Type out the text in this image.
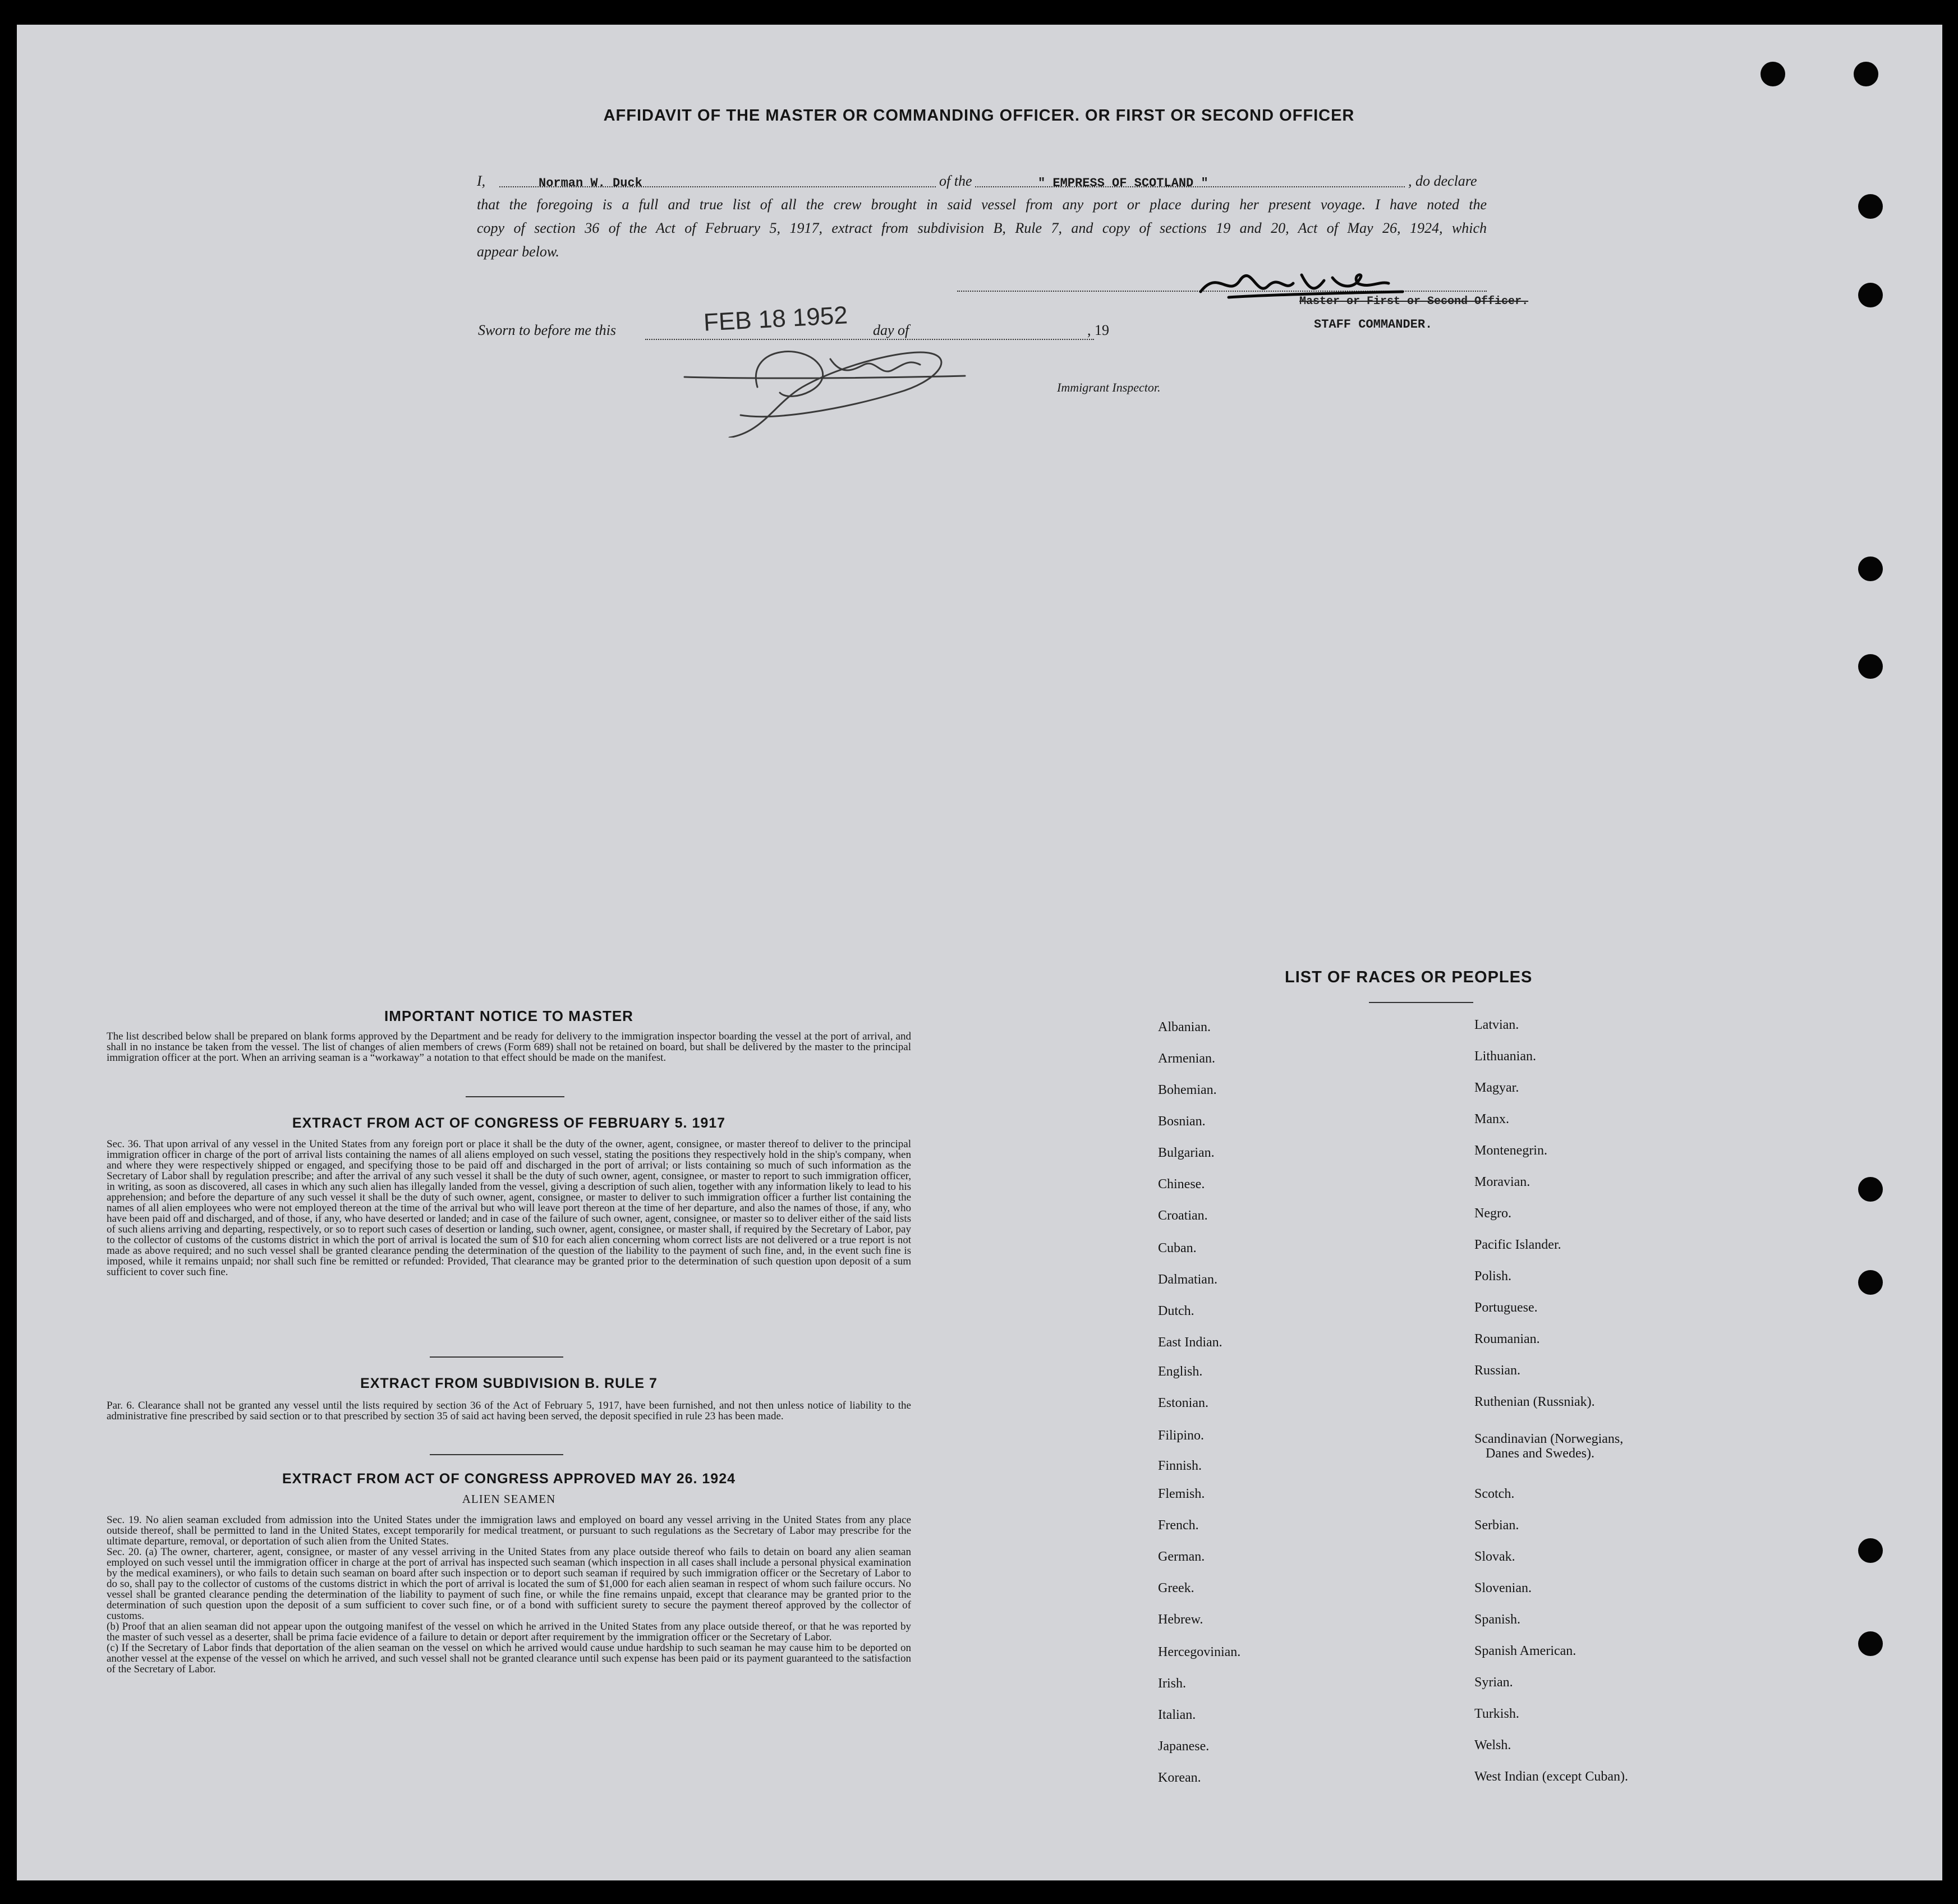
AFFIDAVIT OF THE MASTER OR COMMANDING OFFICER. OR FIRST OR SECOND OFFICER
I,	Norman W. Duck	of the	" EMPRESS OF SCOTLAND "	, do declare
that the foregoing is a full and true list of all the crew brought in said vessel from any port or place during her present voyage. I have noted the
copy of section 36 of the Act of February 5, 1917, extract from subdivision B, Rule 7, and copy of sections 19 and 20, Act of May 26, 1924, which
appear below.
Master or First or Second Officer.
STAFF COMMANDER.
Sworn to before me this	FEB 18 1952 day of	, 19
Immigrant Inspector.
IMPORTANT NOTICE TO MASTER
The list described below shall be prepared on blank forms approved by the Department and be ready for delivery to the immigration inspector boarding the vessel at the port of arrival, and shall in no instance be taken from the vessel. The list of changes of alien members of crews (Form 689) shall not be retained on board, but shall be delivered by the master to the principal immigration officer at the port. When an arriving seaman is a “workaway” a notation to that effect should be made on the manifest.
EXTRACT FROM ACT OF CONGRESS OF FEBRUARY 5. 1917
Sec. 36. That upon arrival of any vessel in the United States from any foreign port or place it shall be the duty of the owner, agent, consignee, or master thereof to deliver to the principal immigration officer in charge of the port of arrival lists containing the names of all aliens employed on such vessel, stating the positions they respectively hold in the ship's company, when and where they were respectively shipped or engaged, and specifying those to be paid off and discharged in the port of arrival; or lists containing so much of such information as the Secretary of Labor shall by regulation prescribe; and after the arrival of any such vessel it shall be the duty of such owner, agent, consignee, or master to report to such immigration officer, in writing, as soon as discovered, all cases in which any such alien has illegally landed from the vessel, giving a description of such alien, together with any information likely to lead to his apprehension; and before the departure of any such vessel it shall be the duty of such owner, agent, consignee, or master to deliver to such immigration officer a further list containing the names of all alien employees who were not employed thereon at the time of the arrival but who will leave port thereon at the time of her departure, and also the names of those, if any, who have been paid off and discharged, and of those, if any, who have deserted or landed; and in case of the failure of such owner, agent, consignee, or master so to deliver either of the said lists of such aliens arriving and departing, respectively, or so to report such cases of desertion or landing, such owner, agent, consignee, or master shall, if required by the Secretary of Labor, pay to the collector of customs of the customs district in which the port of arrival is located the sum of $10 for each alien concerning whom correct lists are not delivered or a true report is not made as above required; and no such vessel shall be granted clearance pending the determination of the question of the liability to the payment of such fine, and, in the event such fine is imposed, while it remains unpaid; nor shall such fine be remitted or refunded: Provided, That clearance may be granted prior to the determination of such question upon deposit of a sum sufficient to cover such fine.
EXTRACT FROM SUBDIVISION B. RULE 7
Par. 6. Clearance shall not be granted any vessel until the lists required by section 36 of the Act of February 5, 1917, have been furnished, and not then unless notice of liability to the administrative fine prescribed by said section or to that prescribed by section 35 of said act having been served, the deposit specified in rule 23 has been made.
EXTRACT FROM ACT OF CONGRESS APPROVED MAY 26. 1924
ALIEN SEAMEN
Sec. 19. No alien seaman excluded from admission into the United States under the immigration laws and employed on board any vessel arriving in the United States from any place outside thereof, shall be permitted to land in the United States, except temporarily for medical treatment, or pursuant to such regulations as the Secretary of Labor may prescribe for the ultimate departure, removal, or deportation of such alien from the United States.
Sec. 20. (a) The owner, charterer, agent, consignee, or master of any vessel arriving in the United States from any place outside thereof who fails to detain on board any alien seaman employed on such vessel until the immigration officer in charge at the port of arrival has inspected such seaman (which inspection in all cases shall include a personal physical examination by the medical examiners), or who fails to detain such seaman on board after such inspection or to deport such seaman if required by such immigration officer or the Secretary of Labor to do so, shall pay to the collector of customs of the customs district in which the port of arrival is located the sum of $1,000 for each alien seaman in respect of whom such failure occurs. No vessel shall be granted clearance pending the determination of the liability to payment of such fine, or while the fine remains unpaid, except that clearance may be granted prior to the determination of such question upon the deposit of a sum sufficient to cover such fine, or of a bond with sufficient surety to secure the payment thereof approved by the collector of customs.
(b) Proof that an alien seaman did not appear upon the outgoing manifest of the vessel on which he arrived in the United States from any place outside thereof, or that he was reported by the master of such vessel as a deserter, shall be prima facie evidence of a failure to detain or deport after requirement by the immigration officer or the Secretary of Labor.
(c) If the Secretary of Labor finds that deportation of the alien seaman on the vessel on which he arrived would cause undue hardship to such seaman he may cause him to be deported on another vessel at the expense of the vessel on which he arrived, and such vessel shall not be granted clearance until such expense has been paid or its payment guaranteed to the satisfaction of the Secretary of Labor.
LIST OF RACES OR PEOPLES
Albanian.
Armenian.
Bohemian.
Bosnian.
Bulgarian.
Chinese.
Croatian.
Cuban.
Dalmatian.
Dutch.
East Indian.
English.
Estonian.
Filipino.
Finnish.
Flemish.
French.
German.
Greek.
Hebrew.
Hercegovinian.
Irish.
Italian.
Japanese.
Korean.
Latvian.
Lithuanian.
Magyar.
Manx.
Montenegrin.
Moravian.
Negro.
Pacific Islander.
Polish.
Portuguese.
Roumanian.
Russian.
Ruthenian (Russniak).
Scandinavian (Norwegians,
Scotch.
Serbian.
Slovak.
Slovenian.
Spanish.
Spanish American.
Syrian.
Turkish.
Welsh.
West Indian (except Cuban).
Danes and Swedes).
